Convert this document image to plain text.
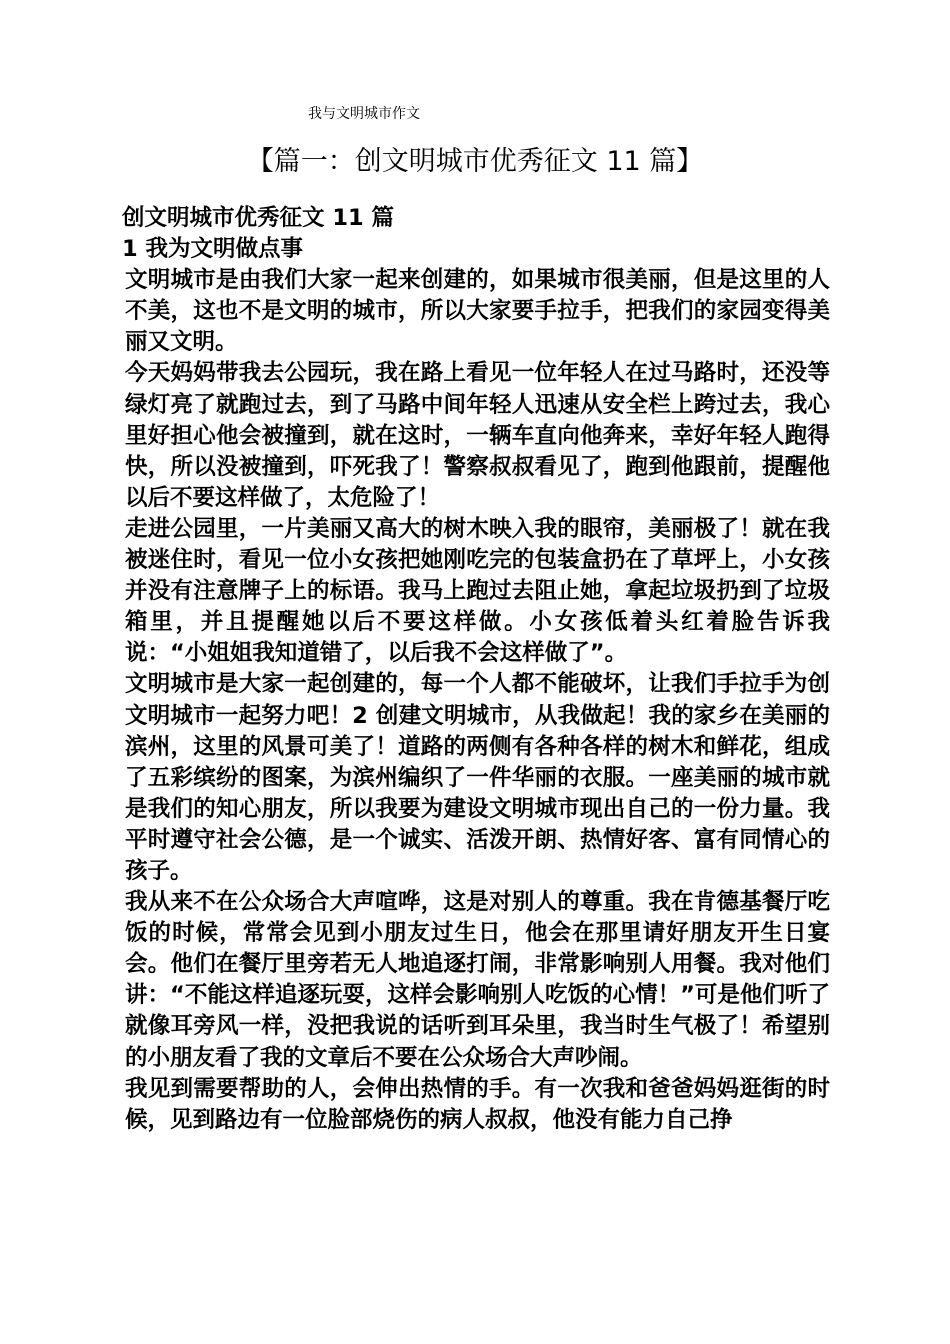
我与文明城市作文
【篇一：创文明城市优秀征文 11 篇】

创文明城市优秀征文 11 篇

1 我为文明做点事

文明城市是由我们大家一起来创建的，如果城市很美丽，但是这里的人不美，这也不是文明的城市，所以大家要手拉手，把我们的家园变得美丽又文明。

今天妈妈带我去公园玩，我在路上看见一位年轻人在过马路时，还没等绿灯亮了就跑过去，到了马路中间年轻人迅速从安全栏上跨过去，我心里好担心他会被撞到，就在这时，一辆车直向他奔来，幸好年轻人跑得快，所以没被撞到，吓死我了！警察叔叔看见了，跑到他跟前，提醒他以后不要这样做了，太危险了！

走进公园里，一片美丽又高大的树木映入我的眼帘，美丽极了！就在我被迷住时，看见一位小女孩把她刚吃完的包装盒扔在了草坪上，小女孩并没有注意牌子上的标语。我马上跑过去阻止她，拿起垃圾扔到了垃圾箱里，并且提醒她以后不要这样做。小女孩低着头红着脸告诉我说：“小姐姐我知道错了，以后我不会这样做了”。

文明城市是大家一起创建的，每一个人都不能破坏，让我们手拉手为创文明城市一起努力吧！2 创建文明城市，从我做起！我的家乡在美丽的滨州，这里的风景可美了！道路的两侧有各种各样的树木和鲜花，组成了五彩缤纷的图案，为滨州编织了一件华丽的衣服。一座美丽的城市就是我们的知心朋友，所以我要为建设文明城市现出自己的一份力量。我平时遵守社会公德，是一个诚实、活泼开朗、热情好客、富有同情心的孩子。

我从来不在公众场合大声喧哗，这是对别人的尊重。我在肯德基餐厅吃饭的时候，常常会见到小朋友过生日，他会在那里请好朋友开生日宴会。他们在餐厅里旁若无人地追逐打闹，非常影响别人用餐。我对他们讲：“不能这样追逐玩耍，这样会影响别人吃饭的心情！”可是他们听了就像耳旁风一样，没把我说的话听到耳朵里，我当时生气极了！希望别的小朋友看了我的文章后不要在公众场合大声吵闹。

我见到需要帮助的人，会伸出热情的手。有一次我和爸爸妈妈逛街的时候，见到路边有一位脸部烧伤的病人叔叔，他没有能力自己挣
